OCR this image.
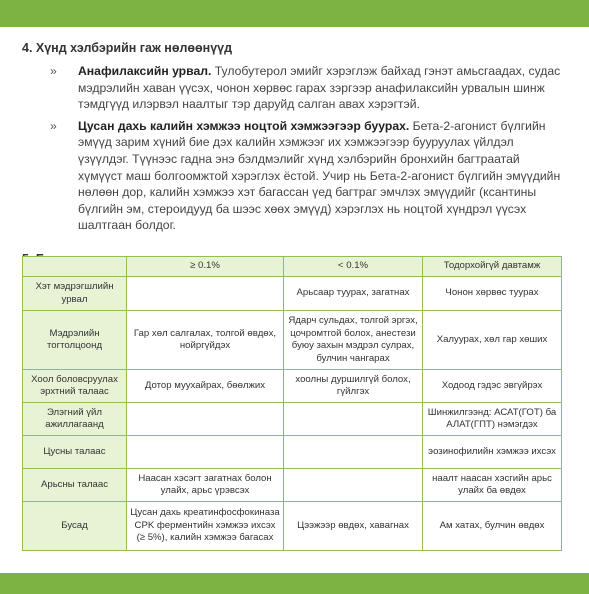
4. Хүнд хэлбэрийн гаж нөлөөнүүд
» Анафилаксийн урвал. Тулобутерол эмийг хэрэглэж байхад гэнэт амьсгаадах, судас мэдрэлийн хаван үүсэх, чонон хөрвөс гарах зэргээр анафилаксийн урвалын шинж тэмдгүүд илэрвэл наалтыг тэр даруйд салган авах хэрэгтэй.
» Цусан дахь калийн хэмжээ ноцтой хэмжээгээр буурах. Бета-2-агонист бүлгийн эмүүд зарим хүний бие дэх калийн хэмжээг их хэмжээгээр бууруулах үйлдэл үзүүлдэг. Түүнээс гадна энэ бэлдмэлийг хүнд хэлбэрийн бронхийн багтраатай хүмүүст маш болгоомжтой хэрэглэх ёстой. Учир нь Бета-2-агонист бүлгийн эмүүдийн нөлөөн дор, калийн хэмжээ хэт багассан үед багтраг эмчлэх эмүүдийг (ксантины бүлгийн эм, стероидууд ба шээс хөөх эмүүд) хэрэглэх нь ноцтой хүндрэл үүсэх шалтгаан болдог.
	≥ 0.1%	< 0.1%	Тодорхойгүй давтамж
Хэт мэдрэгшлийн урвал		Арьсаар туурах, загатнах	Чонон хөрвөс туурах
Мэдрэлийн тогтолцоонд	Гар хөл салгалах, толгой өвдөх, нойргүйдэх	Ядарч сульдах, толгой эргэх, цочромтгой болох, анестези буюу захын мэдрэл сулрах, булчин чангарах	Халуурах, хөл гар хөших
Хоол боловсруулах эрхтний талаас	Дотор муухайрах, бөөлжих	хоолны дуршилгүй болох, гүйлгэх	Ходоод гэдэс эвгүйрэх
Элэгний үйл ажиллагаанд			Шинжилгээнд: АСАТ(ГОТ) ба АЛАТ(ГПТ) нэмэгдэх
Цусны талаас			эозинофилийн хэмжээ ихсэх
Арьсны талаас	Наасан хэсэгт загатнах болон улайх, арьс үрэвсэх		наалт наасан хэсгийн арьс улайх ба өвдөх
Бусад	Цусан дахь креатинфосфокиназа CPK ферментийн хэмжээ ихсэх (≥ 5%), калийн хэмжээ багасах	Цээжээр өвдөх, хавагнах	Ам хатах, булчин өвдөх
